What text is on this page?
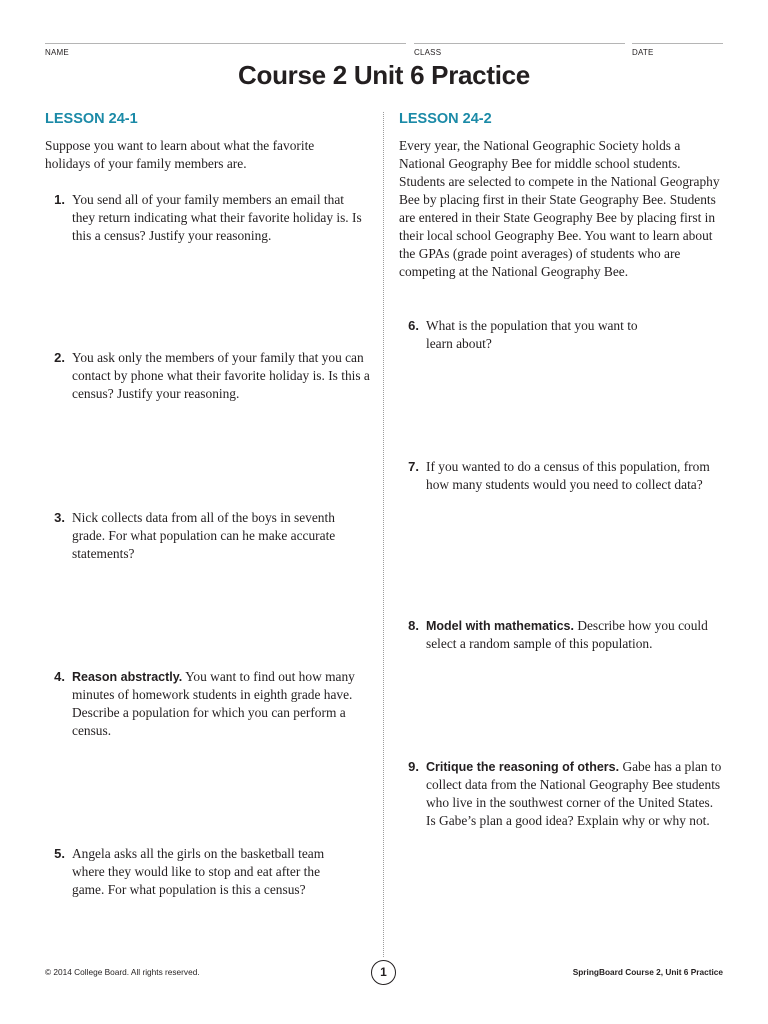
NAME	CLASS	DATE
Course 2 Unit 6 Practice
LESSON 24-1

Suppose you want to learn about what the favorite holidays of your family members are.

1. You send all of your family members an email that they return indicating what their favorite holiday is. Is this a census? Justify your reasoning.
2. You ask only the members of your family that you can contact by phone what their favorite holiday is. Is this a census? Justify your reasoning.
3. Nick collects data from all of the boys in seventh grade. For what population can he make accurate statements?
4. Reason abstractly. You want to find out how many minutes of homework students in eighth grade have. Describe a population for which you can perform a census.
5. Angela asks all the girls on the basketball team where they would like to stop and eat after the game. For what population is this a census?
LESSON 24-2

Every year, the National Geographic Society holds a National Geography Bee for middle school students. Students are selected to compete in the National Geography Bee by placing first in their State Geography Bee. Students are entered in their State Geography Bee by placing first in their local school Geography Bee. You want to learn about the GPAs (grade point averages) of students who are competing at the National Geography Bee.

6. What is the population that you want to learn about?
7. If you wanted to do a census of this population, from how many students would you need to collect data?
8. Model with mathematics. Describe how you could select a random sample of this population.
9. Critique the reasoning of others. Gabe has a plan to collect data from the National Geography Bee students who live in the southwest corner of the United States. Is Gabe’s plan a good idea? Explain why or why not.
© 2014 College Board. All rights reserved.	1	SpringBoard Course 2, Unit 6 Practice
